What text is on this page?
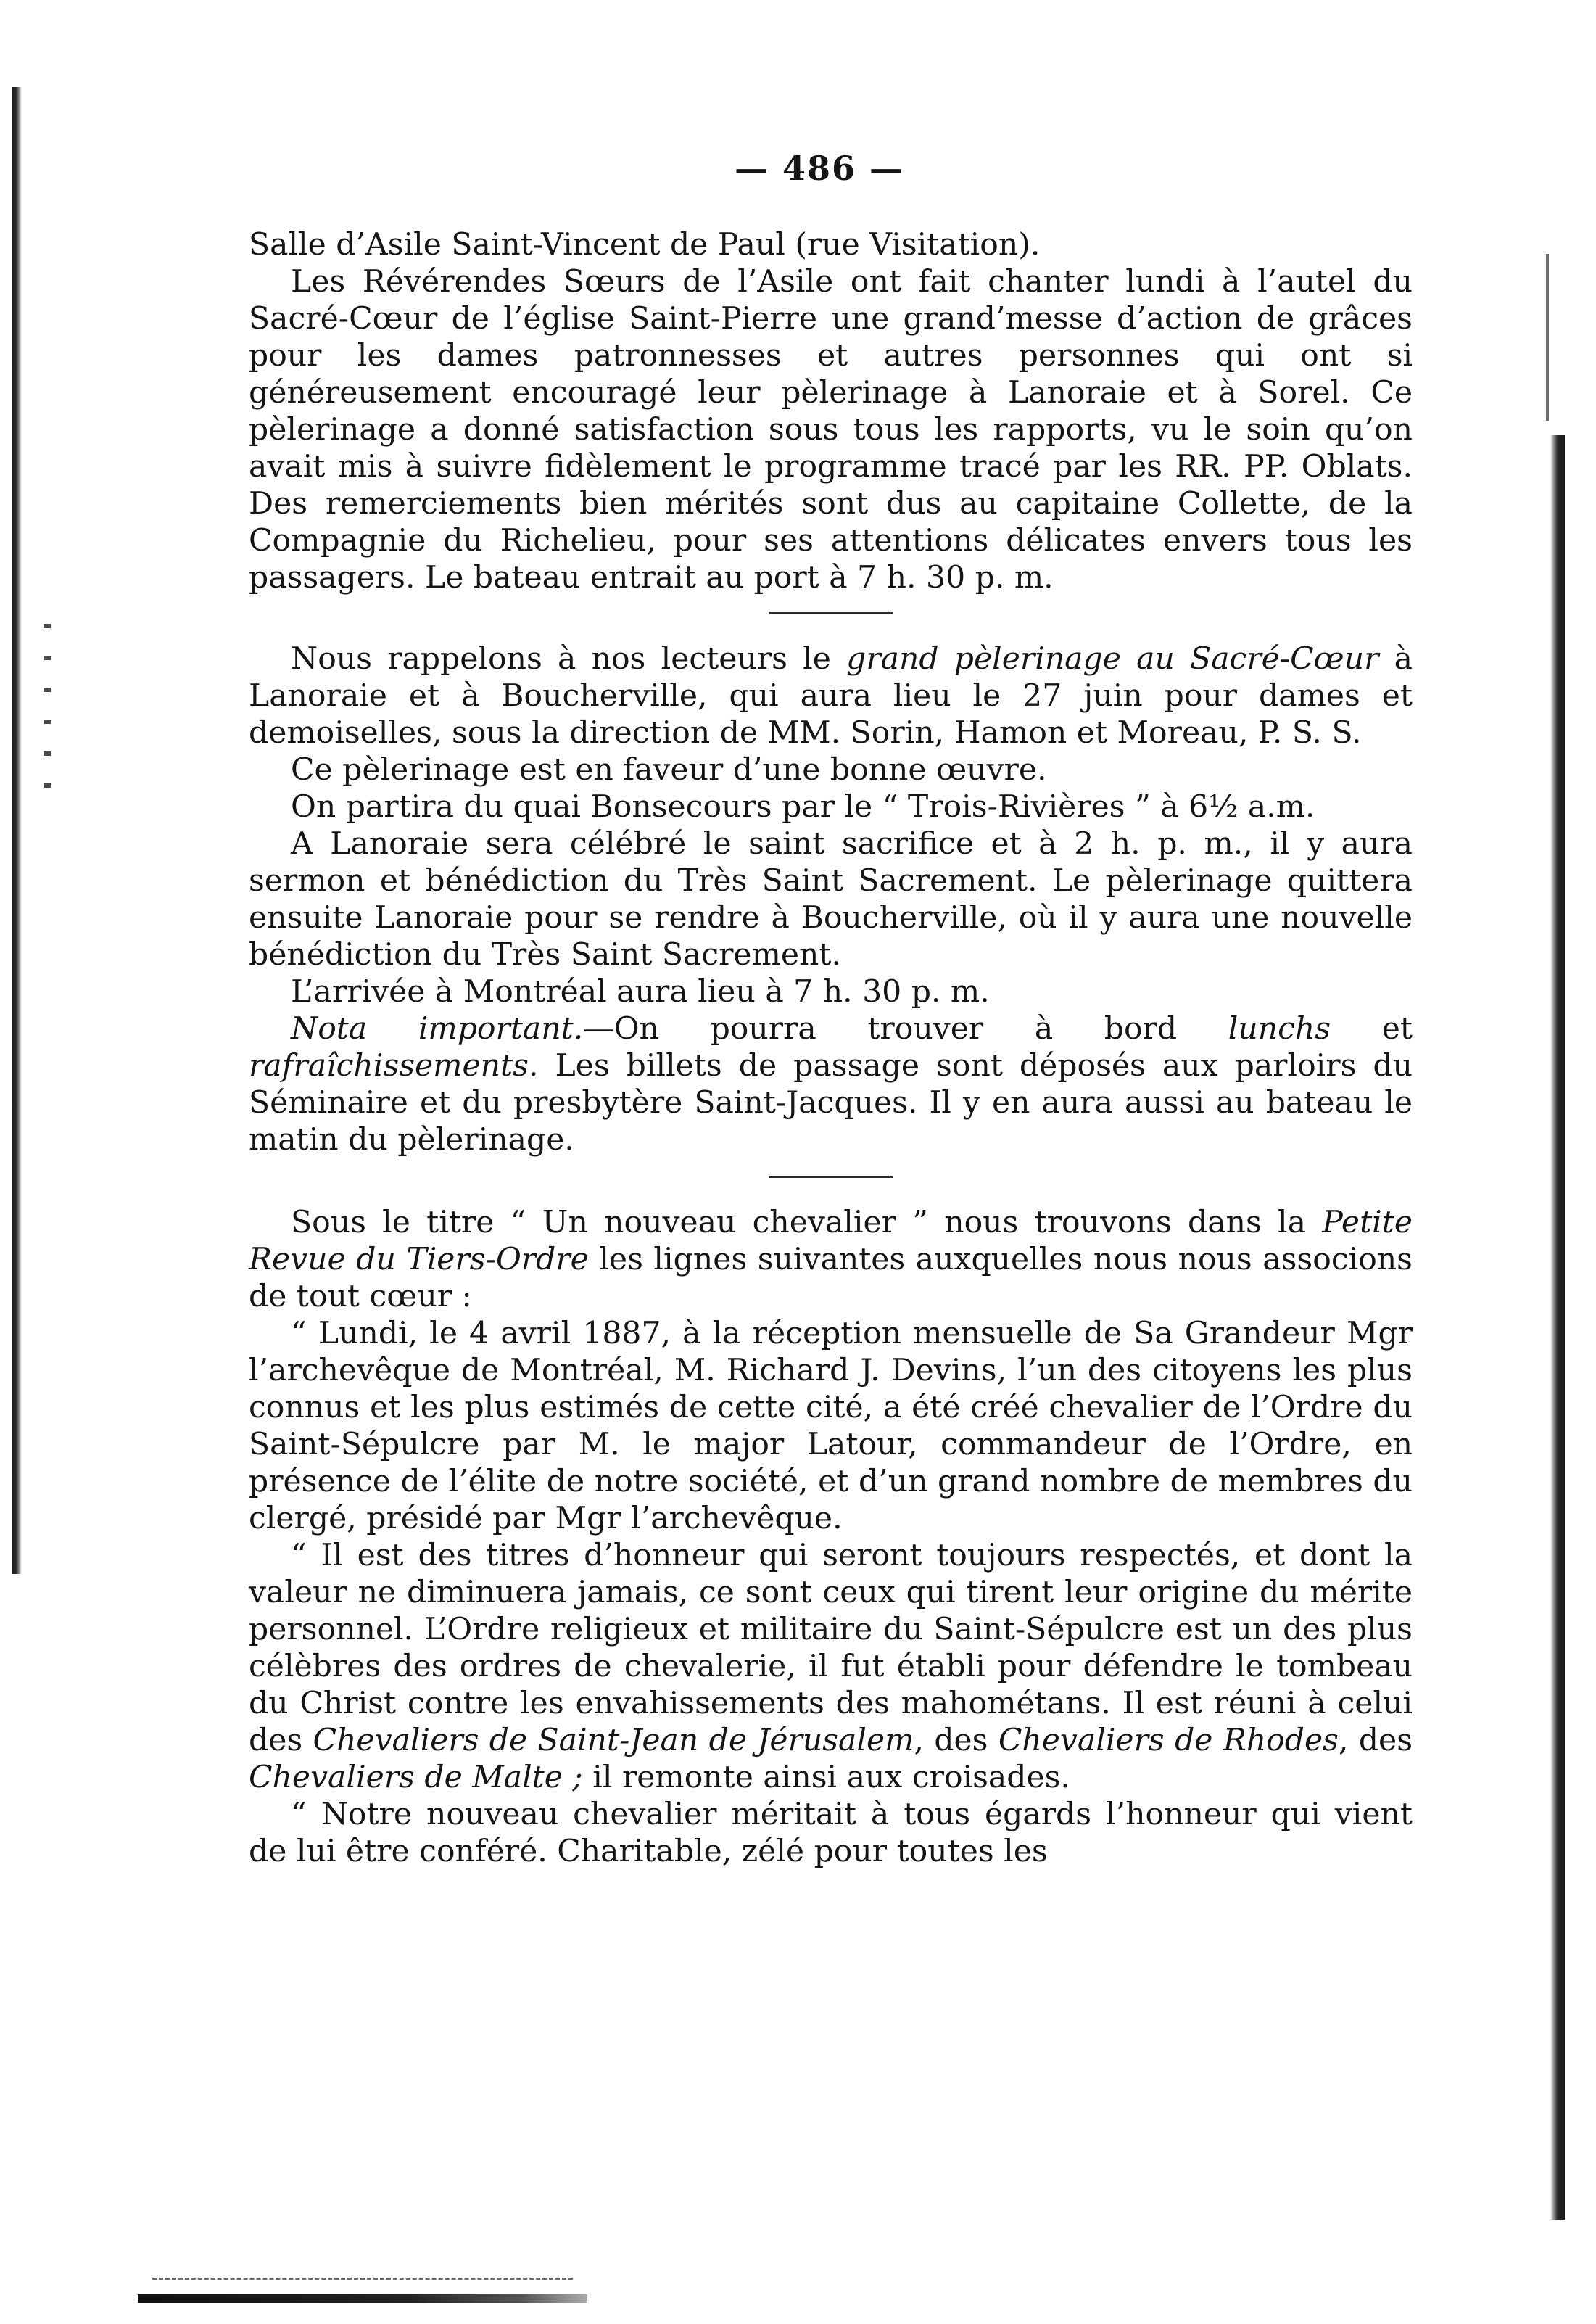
— 486 —

Salle d’Asile Saint-Vincent de Paul (rue Visitation).

Les Révérendes Sœurs de l’Asile ont fait chanter lundi à l’autel du Sacré-Cœur de l’église Saint-Pierre une grand’messe d’action de grâces pour les dames patronnesses et autres personnes qui ont si généreusement encouragé leur pèlerinage à Lanoraie et à Sorel. Ce pèlerinage a donné satisfaction sous tous les rapports, vu le soin qu’on avait mis à suivre fidèlement le programme tracé par les RR. PP. Oblats. Des remerciements bien mérités sont dus au capitaine Collette, de la Compagnie du Richelieu, pour ses attentions délicates envers tous les passagers. Le bateau entrait au port à 7 h. 30 p. m.

Nous rappelons à nos lecteurs le grand pèlerinage au Sacré-Cœur à Lanoraie et à Boucherville, qui aura lieu le 27 juin pour dames et demoiselles, sous la direction de MM. Sorin, Hamon et Moreau, P. S. S.

Ce pèlerinage est en faveur d’une bonne œuvre.

On partira du quai Bonsecours par le “ Trois-Rivières ” à 6½ a.m.

A Lanoraie sera célébré le saint sacrifice et à 2 h. p. m., il y aura sermon et bénédiction du Très Saint Sacrement. Le pèlerinage quittera ensuite Lanoraie pour se rendre à Boucherville, où il y aura une nouvelle bénédiction du Très Saint Sacrement.

L’arrivée à Montréal aura lieu à 7 h. 30 p. m.

Nota important.—On pourra trouver à bord lunchs et rafraîchissements. Les billets de passage sont déposés aux parloirs du Séminaire et du presbytère Saint-Jacques. Il y en aura aussi au bateau le matin du pèlerinage.

Sous le titre “ Un nouveau chevalier ” nous trouvons dans la Petite Revue du Tiers-Ordre les lignes suivantes auxquelles nous nous associons de tout cœur :

“ Lundi, le 4 avril 1887, à la réception mensuelle de Sa Grandeur Mgr l’archevêque de Montréal, M. Richard J. Devins, l’un des citoyens les plus connus et les plus estimés de cette cité, a été créé chevalier de l’Ordre du Saint-Sépulcre par M. le major Latour, commandeur de l’Ordre, en présence de l’élite de notre société, et d’un grand nombre de membres du clergé, présidé par Mgr l’archevêque.

“ Il est des titres d’honneur qui seront toujours respectés, et dont la valeur ne diminuera jamais, ce sont ceux qui tirent leur origine du mérite personnel. L’Ordre religieux et militaire du Saint-Sépulcre est un des plus célèbres des ordres de chevalerie, il fut établi pour défendre le tombeau du Christ contre les envahissements des mahométans. Il est réuni à celui des Chevaliers de Saint-Jean de Jérusalem, des Chevaliers de Rhodes, des Chevaliers de Malte ; il remonte ainsi aux croisades.

“ Notre nouveau chevalier méritait à tous égards l’honneur qui vient de lui être conféré. Charitable, zélé pour toutes les
